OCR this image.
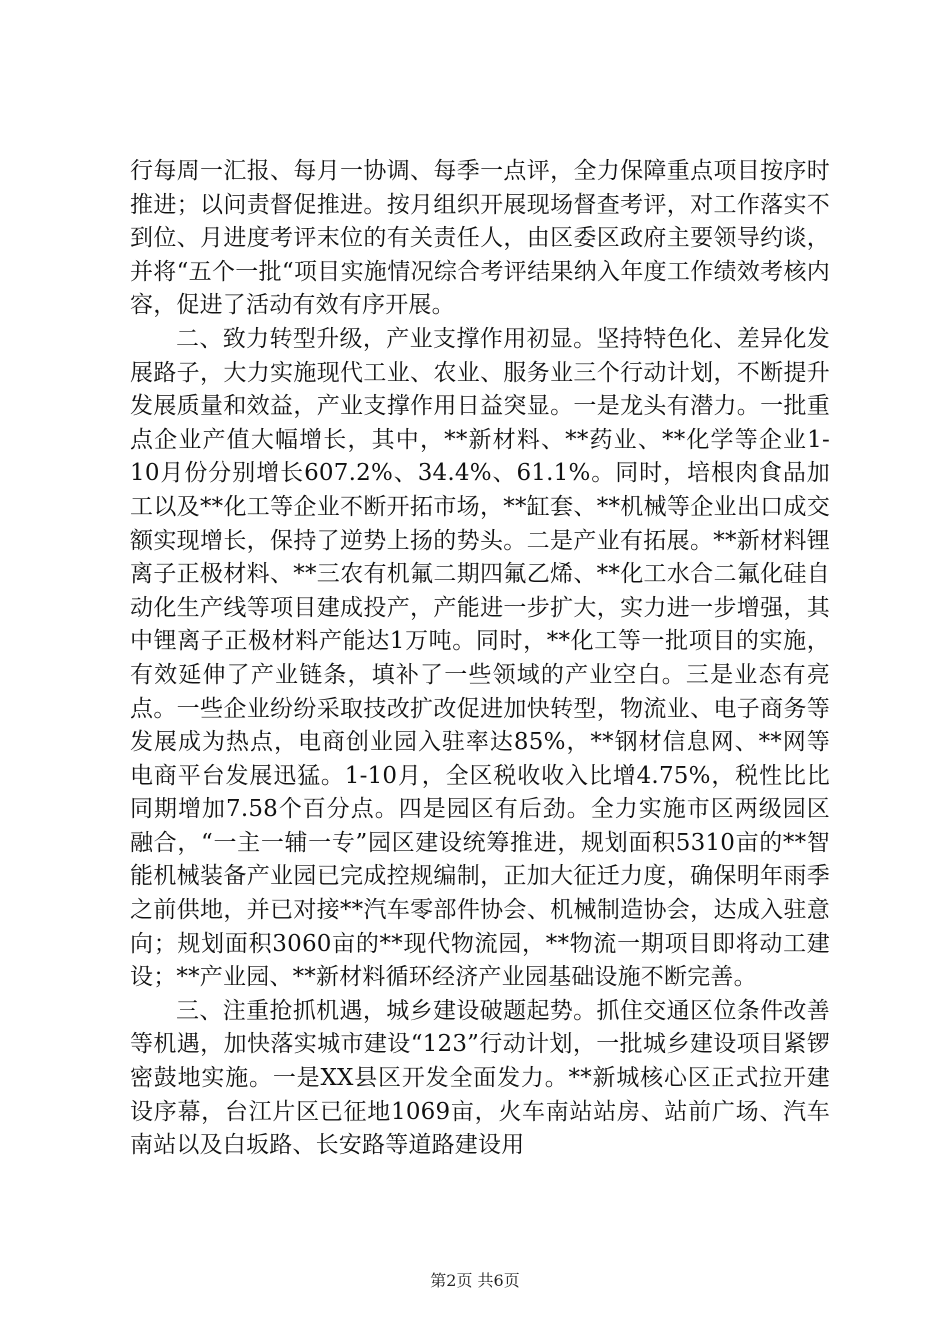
行每周一汇报、每月一协调、每季一点评，全力保障重点项目按序时推进；以问责督促推进。按月组织开展现场督查考评，对工作落实不到位、月进度考评末位的有关责任人，由区委区政府主要领导约谈，并将“五个一批“项目实施情况综合考评结果纳入年度工作绩效考核内容，促进了活动有效有序开展。

二、致力转型升级，产业支撑作用初显。坚持特色化、差异化发展路子，大力实施现代工业、农业、服务业三个行动计划，不断提升发展质量和效益，产业支撑作用日益突显。一是龙头有潜力。一批重点企业产值大幅增长，其中，**新材料、**药业、**化学等企业1-10月份分别增长607.2%、34.4%、61.1%。同时，培根肉食品加工以及**化工等企业不断开拓市场，**缸套、**机械等企业出口成交额实现增长，保持了逆势上扬的势头。二是产业有拓展。**新材料锂离子正极材料、**三农有机氟二期四氟乙烯、**化工水合二氟化硅自动化生产线等项目建成投产，产能进一步扩大，实力进一步增强，其中锂离子正极材料产能达1万吨。同时，**化工等一批项目的实施，有效延伸了产业链条，填补了一些领域的产业空白。三是业态有亮点。一些企业纷纷采取技改扩改促进加快转型，物流业、电子商务等发展成为热点，电商创业园入驻率达85%，**钢材信息网、**网等电商平台发展迅猛。1-10月，全区税收收入比增4.75%，税性比比同期增加7.58个百分点。四是园区有后劲。全力实施市区两级园区融合，“一主一辅一专”园区建设统筹推进，规划面积5310亩的**智能机械装备产业园已完成控规编制，正加大征迁力度，确保明年雨季之前供地，并已对接**汽车零部件协会、机械制造协会，达成入驻意向；规划面积3060亩的**现代物流园，**物流一期项目即将动工建设；**产业园、**新材料循环经济产业园基础设施不断完善。

三、注重抢抓机遇，城乡建设破题起势。抓住交通区位条件改善等机遇，加快落实城市建设“123”行动计划，一批城乡建设项目紧锣密鼓地实施。一是XX县区开发全面发力。**新城核心区正式拉开建设序幕，台江片区已征地1069亩，火车南站站房、站前广场、汽车南站以及白坂路、长安路等道路建设用

第2页 共6页
